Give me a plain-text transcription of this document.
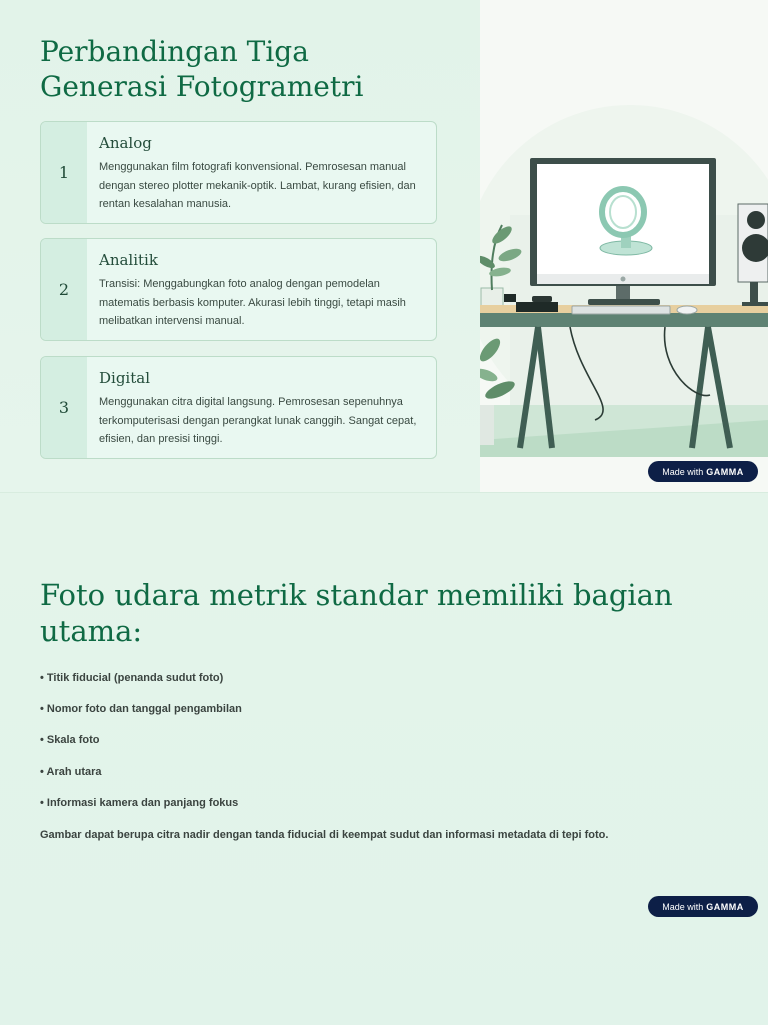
Perbandingan Tiga Generasi Fotogrametri
1
Analog
Menggunakan film fotografi konvensional. Pemrosesan manual dengan stereo plotter mekanik-optik. Lambat, kurang efisien, dan rentan kesalahan manusia.
2
Analitik
Transisi: Menggabungkan foto analog dengan pemodelan matematis berbasis komputer. Akurasi lebih tinggi, tetapi masih melibatkan intervensi manual.
3
Digital
Menggunakan citra digital langsung. Pemrosesan sepenuhnya terkomputerisasi dengan perangkat lunak canggih. Sangat cepat, efisien, dan presisi tinggi.
Made with GAMMA
Foto udara metrik standar memiliki bagian utama:
• Titik fiducial (penanda sudut foto)
• Nomor foto dan tanggal pengambilan
• Skala foto
• Arah utara
• Informasi kamera dan panjang fokus
Gambar dapat berupa citra nadir dengan tanda fiducial di keempat sudut dan informasi metadata di tepi foto.
Made with GAMMA
